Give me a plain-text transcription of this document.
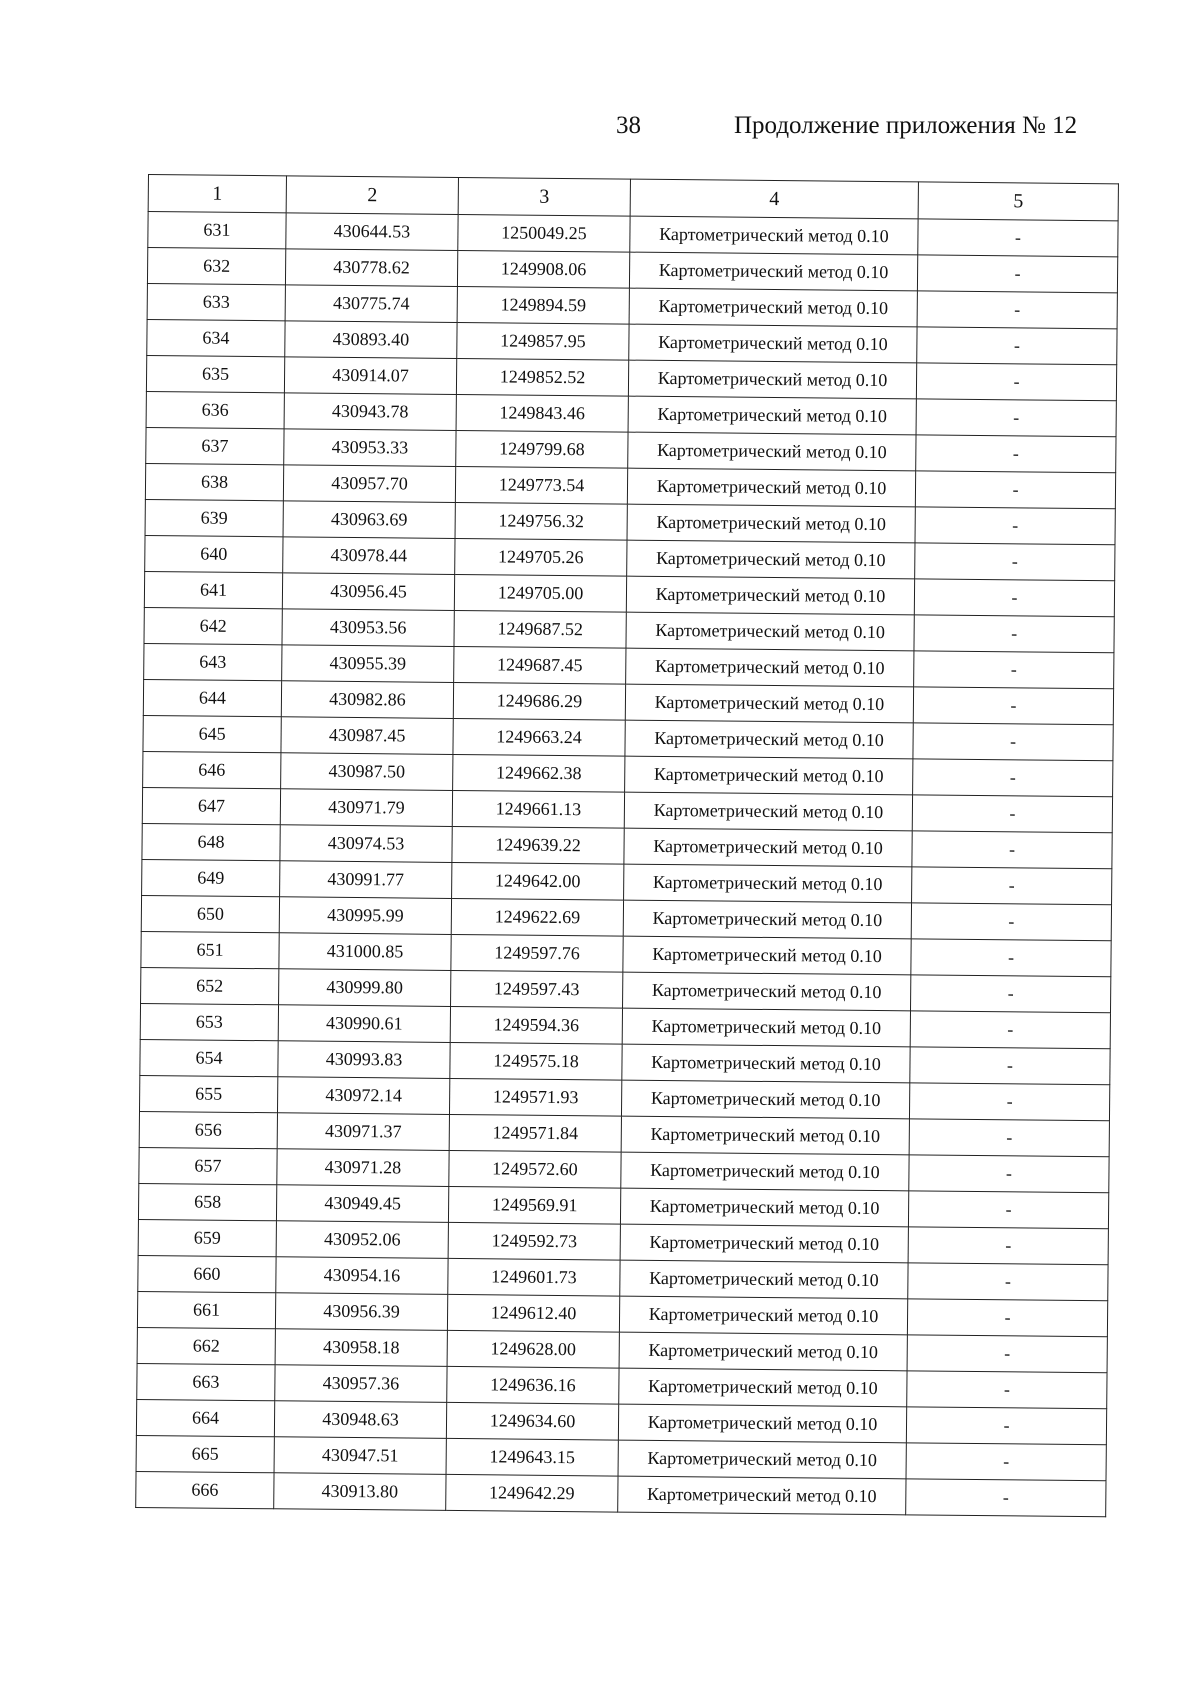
38	Продолжение приложения № 12
1	2	3	4	5
631	430644.53	1250049.25	Картометрический метод 0.10	-
632	430778.62	1249908.06	Картометрический метод 0.10	-
633	430775.74	1249894.59	Картометрический метод 0.10	-
634	430893.40	1249857.95	Картометрический метод 0.10	-
635	430914.07	1249852.52	Картометрический метод 0.10	-
636	430943.78	1249843.46	Картометрический метод 0.10	-
637	430953.33	1249799.68	Картометрический метод 0.10	-
638	430957.70	1249773.54	Картометрический метод 0.10	-
639	430963.69	1249756.32	Картометрический метод 0.10	-
640	430978.44	1249705.26	Картометрический метод 0.10	-
641	430956.45	1249705.00	Картометрический метод 0.10	-
642	430953.56	1249687.52	Картометрический метод 0.10	-
643	430955.39	1249687.45	Картометрический метод 0.10	-
644	430982.86	1249686.29	Картометрический метод 0.10	-
645	430987.45	1249663.24	Картометрический метод 0.10	-
646	430987.50	1249662.38	Картометрический метод 0.10	-
647	430971.79	1249661.13	Картометрический метод 0.10	-
648	430974.53	1249639.22	Картометрический метод 0.10	-
649	430991.77	1249642.00	Картометрический метод 0.10	-
650	430995.99	1249622.69	Картометрический метод 0.10	-
651	431000.85	1249597.76	Картометрический метод 0.10	-
652	430999.80	1249597.43	Картометрический метод 0.10	-
653	430990.61	1249594.36	Картометрический метод 0.10	-
654	430993.83	1249575.18	Картометрический метод 0.10	-
655	430972.14	1249571.93	Картометрический метод 0.10	-
656	430971.37	1249571.84	Картометрический метод 0.10	-
657	430971.28	1249572.60	Картометрический метод 0.10	-
658	430949.45	1249569.91	Картометрический метод 0.10	-
659	430952.06	1249592.73	Картометрический метод 0.10	-
660	430954.16	1249601.73	Картометрический метод 0.10	-
661	430956.39	1249612.40	Картометрический метод 0.10	-
662	430958.18	1249628.00	Картометрический метод 0.10	-
663	430957.36	1249636.16	Картометрический метод 0.10	-
664	430948.63	1249634.60	Картометрический метод 0.10	-
665	430947.51	1249643.15	Картометрический метод 0.10	-
666	430913.80	1249642.29	Картометрический метод 0.10	-
